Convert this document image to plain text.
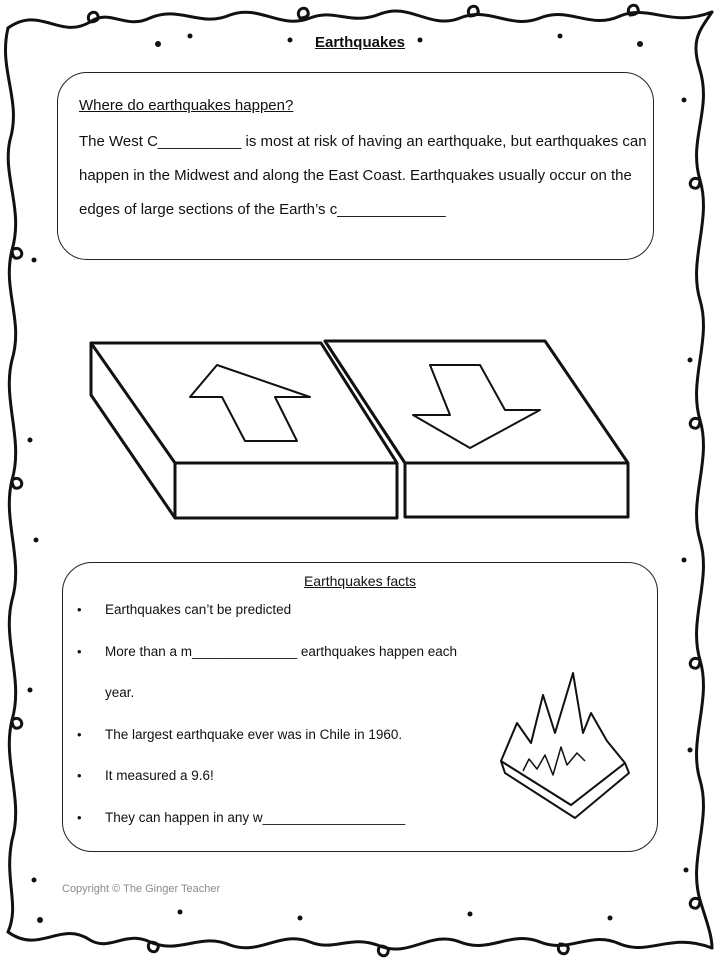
Earthquakes
Where do earthquakes happen?

The West C__________ is most at risk of having an earthquake, but earthquakes can happen in the Midwest and along the East Coast. Earthquakes usually occur on the edges of large sections of the Earth’s c_____________

Earthquakes facts
• Earthquakes can’t be predicted
• More than a m______________ earthquakes happen each year.
• The largest earthquake ever was in Chile in 1960.
• It measured a 9.6!
• They can happen in any w___________________
Copyright © The Ginger Teacher
